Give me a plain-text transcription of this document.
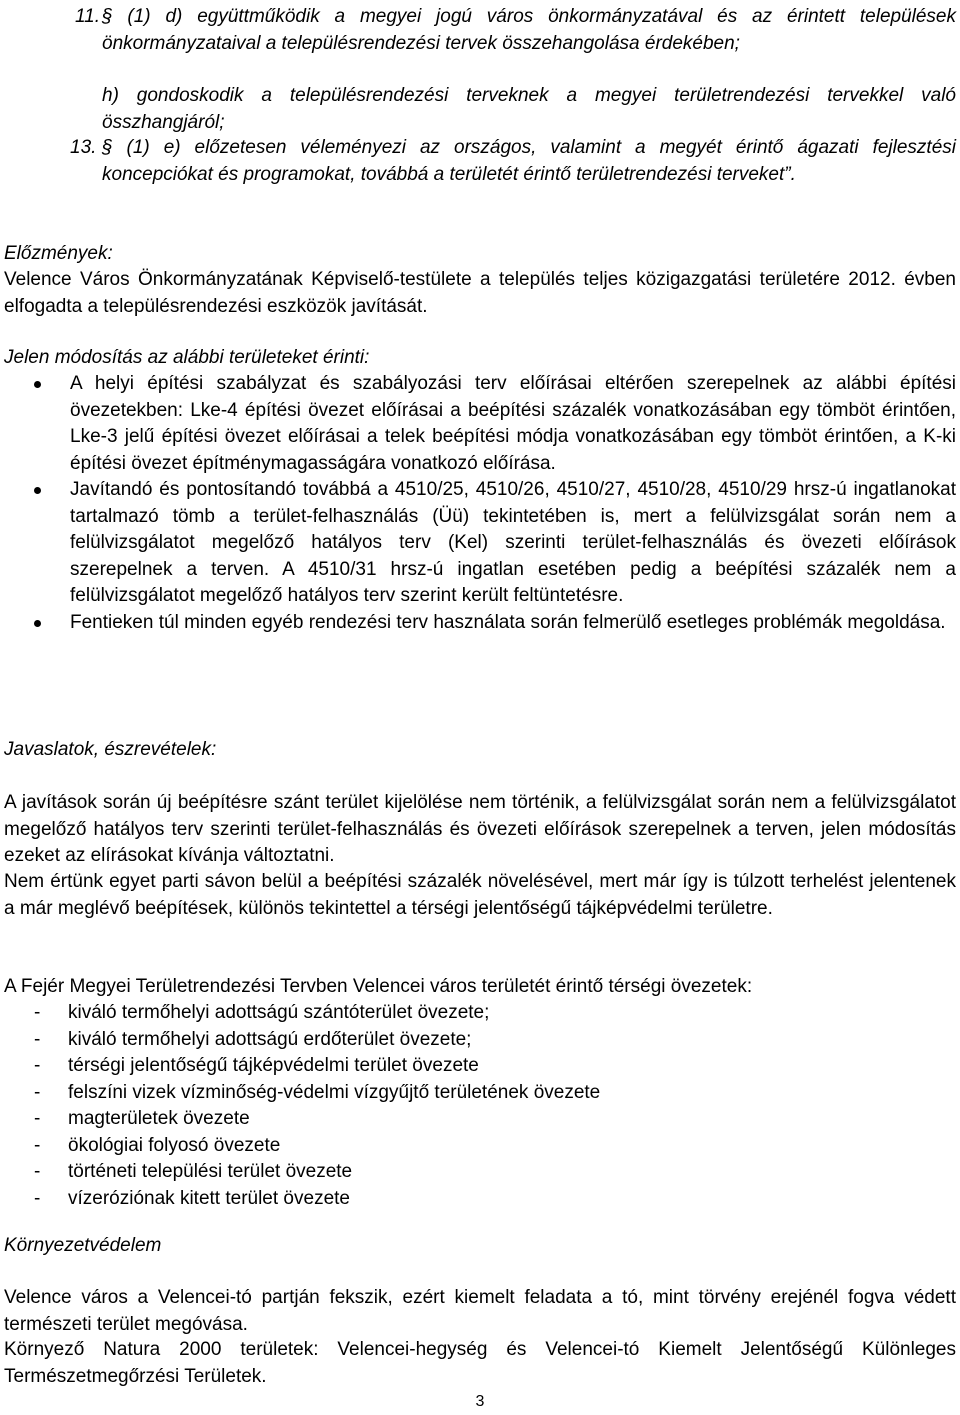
11. § (1) d) együttműködik a megyei jogú város önkormányzatával és az érintett települések önkormányzataival a településrendezési tervek összehangolása érdekében;
h) gondoskodik a településrendezési terveknek a megyei területrendezési tervekkel való összhangjáról;
13. § (1) e) előzetesen véleményezi az országos, valamint a megyét érintő ágazati fejlesztési koncepciókat és programokat, továbbá a területét érintő területrendezési terveket”.
Előzmények:
Velence Város Önkormányzatának Képviselő-testülete a település teljes közigazgatási területére 2012. évben elfogadta a településrendezési eszközök javítását.
Jelen módosítás az alábbi területeket érinti:
A helyi építési szabályzat és szabályozási terv előírásai eltérően szerepelnek az alábbi építési övezetekben: Lke-4 építési övezet előírásai a beépítési százalék vonatkozásában egy tömböt érintően, Lke-3 jelű építési övezet előírásai a telek beépítési módja vonatkozásában egy tömböt érintően, a K-ki építési övezet építménymagasságára vonatkozó előírása.
Javítandó és pontosítandó továbbá a 4510/25, 4510/26, 4510/27, 4510/28, 4510/29 hrsz-ú ingatlanokat tartalmazó tömb a terület-felhasználás (Üü) tekintetében is, mert a felülvizsgálat során nem a felülvizsgálatot megelőző hatályos terv (Kel) szerinti terület-felhasználás és övezeti előírások szerepelnek a terven. A 4510/31 hrsz-ú ingatlan esetében pedig a beépítési százalék nem a felülvizsgálatot megelőző hatályos terv szerint került feltüntetésre.
Fentieken túl minden egyéb rendezési terv használata során felmerülő esetleges problémák megoldása.
Javaslatok, észrevételek:
A javítások során új beépítésre szánt terület kijelölése nem történik, a felülvizsgálat során nem a felülvizsgálatot megelőző hatályos terv szerinti terület-felhasználás és övezeti előírások szerepelnek a terven, jelen módosítás ezeket az elírásokat kívánja változtatni.
Nem értünk egyet parti sávon belül a beépítési százalék növelésével, mert már így is túlzott terhelést jelentenek a már meglévő beépítések, különös tekintettel a térségi jelentőségű tájképvédelmi területre.
A Fejér Megyei Területrendezési Tervben Velencei város területét érintő térségi övezetek:
- kiváló termőhelyi adottságú szántóterület övezete;
- kiváló termőhelyi adottságú erdőterület övezete;
- térségi jelentőségű tájképvédelmi terület övezete
- felszíni vizek vízminőség-védelmi vízgyűjtő területének övezete
- magterületek övezete
- ökológiai folyosó övezete
- történeti települési terület övezete
- vízeróziónak kitett terület övezete
Környezetvédelem
Velence város a Velencei-tó partján fekszik, ezért kiemelt feladata a tó, mint törvény erejénél fogva védett természeti terület megóvása.
Környező Natura 2000 területek: Velencei-hegység és Velencei-tó Kiemelt Jelentőségű Különleges Természetmegőrzési Területek.
3
